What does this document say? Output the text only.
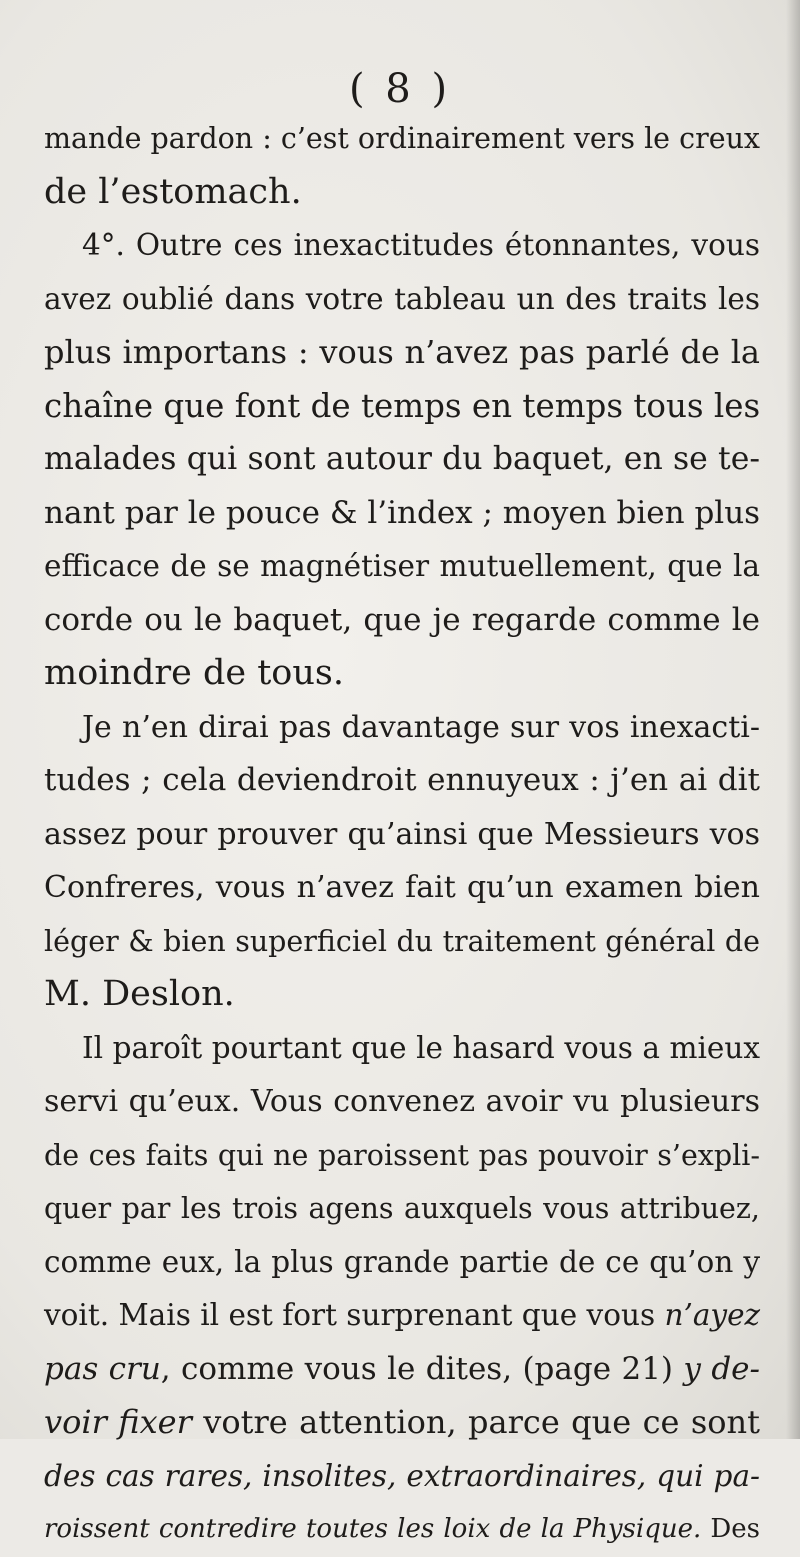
( 8 )
mande pardon : c’est ordinairement vers le creux
de l’estomach.
4°. Outre ces inexactitudes étonnantes, vous
avez oublié dans votre tableau un des traits les
plus importans : vous n’avez pas parlé de la
chaîne que font de temps en temps tous les
malades qui sont autour du baquet, en se te-
nant par le pouce & l’index ; moyen bien plus
efficace de se magnétiser mutuellement, que la
corde ou le baquet, que je regarde comme le
moindre de tous.
Je n’en dirai pas davantage sur vos inexacti-
tudes ; cela deviendroit ennuyeux : j’en ai dit
assez pour prouver qu’ainsi que Messieurs vos
Confreres, vous n’avez fait qu’un examen bien
léger & bien superficiel du traitement général de
M. Deslon.
Il paroît pourtant que le hasard vous a mieux
servi qu’eux. Vous convenez avoir vu plusieurs
de ces faits qui ne paroissent pas pouvoir s’expli-
quer par les trois agens auxquels vous attribuez,
comme eux, la plus grande partie de ce qu’on y
voit. Mais il est fort surprenant que vous n’ayez
pas cru, comme vous le dites, (page 21) y de-
voir fixer votre attention, parce que ce sont
des cas rares, insolites, extraordinaires, qui pa-
roissent contredire toutes les loix de la Physique. Des
